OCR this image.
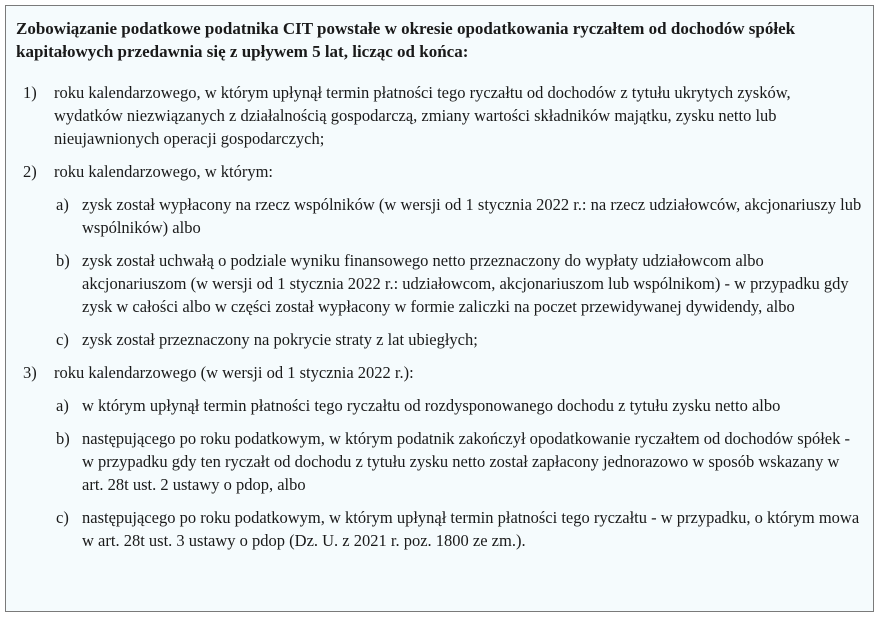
Zobowiązanie podatkowe podatnika CIT powstałe w okresie opodatkowania ryczałtem od dochodów spółek kapitałowych przedawnia się z upływem 5 lat, licząc od końca:

1) roku kalendarzowego, w którym upłynął termin płatności tego ryczałtu od dochodów z tytułu ukrytych zysków, wydatków niezwiązanych z działalnością gospodarczą, zmiany wartości składników majątku, zysku netto lub nieujawnionych operacji gospodarczych;
2) roku kalendarzowego, w którym:
a) zysk został wypłacony na rzecz wspólników (w wersji od 1 stycznia 2022 r.: na rzecz udziałowców, akcjonariuszy lub wspólników) albo
b) zysk został uchwałą o podziale wyniku finansowego netto przeznaczony do wypłaty udziałowcom albo akcjonariuszom (w wersji od 1 stycznia 2022 r.: udziałowcom, akcjonariuszom lub wspólnikom) - w przypadku gdy zysk w całości albo w części został wypłacony w formie zaliczki na poczet przewidywanej dywidendy, albo
c) zysk został przeznaczony na pokrycie straty z lat ubiegłych;
3) roku kalendarzowego (w wersji od 1 stycznia 2022 r.):
a) w którym upłynął termin płatności tego ryczałtu od rozdysponowanego dochodu z tytułu zysku netto albo
b) następującego po roku podatkowym, w którym podatnik zakończył opodatkowanie ryczałtem od dochodów spółek - w przypadku gdy ten ryczałt od dochodu z tytułu zysku netto został zapłacony jednorazowo w sposób wskazany w art. 28t ust. 2 ustawy o pdop, albo
c) następującego po roku podatkowym, w którym upłynął termin płatności tego ryczałtu - w przypadku, o którym mowa w art. 28t ust. 3 ustawy o pdop (Dz. U. z 2021 r. poz. 1800 ze zm.).
